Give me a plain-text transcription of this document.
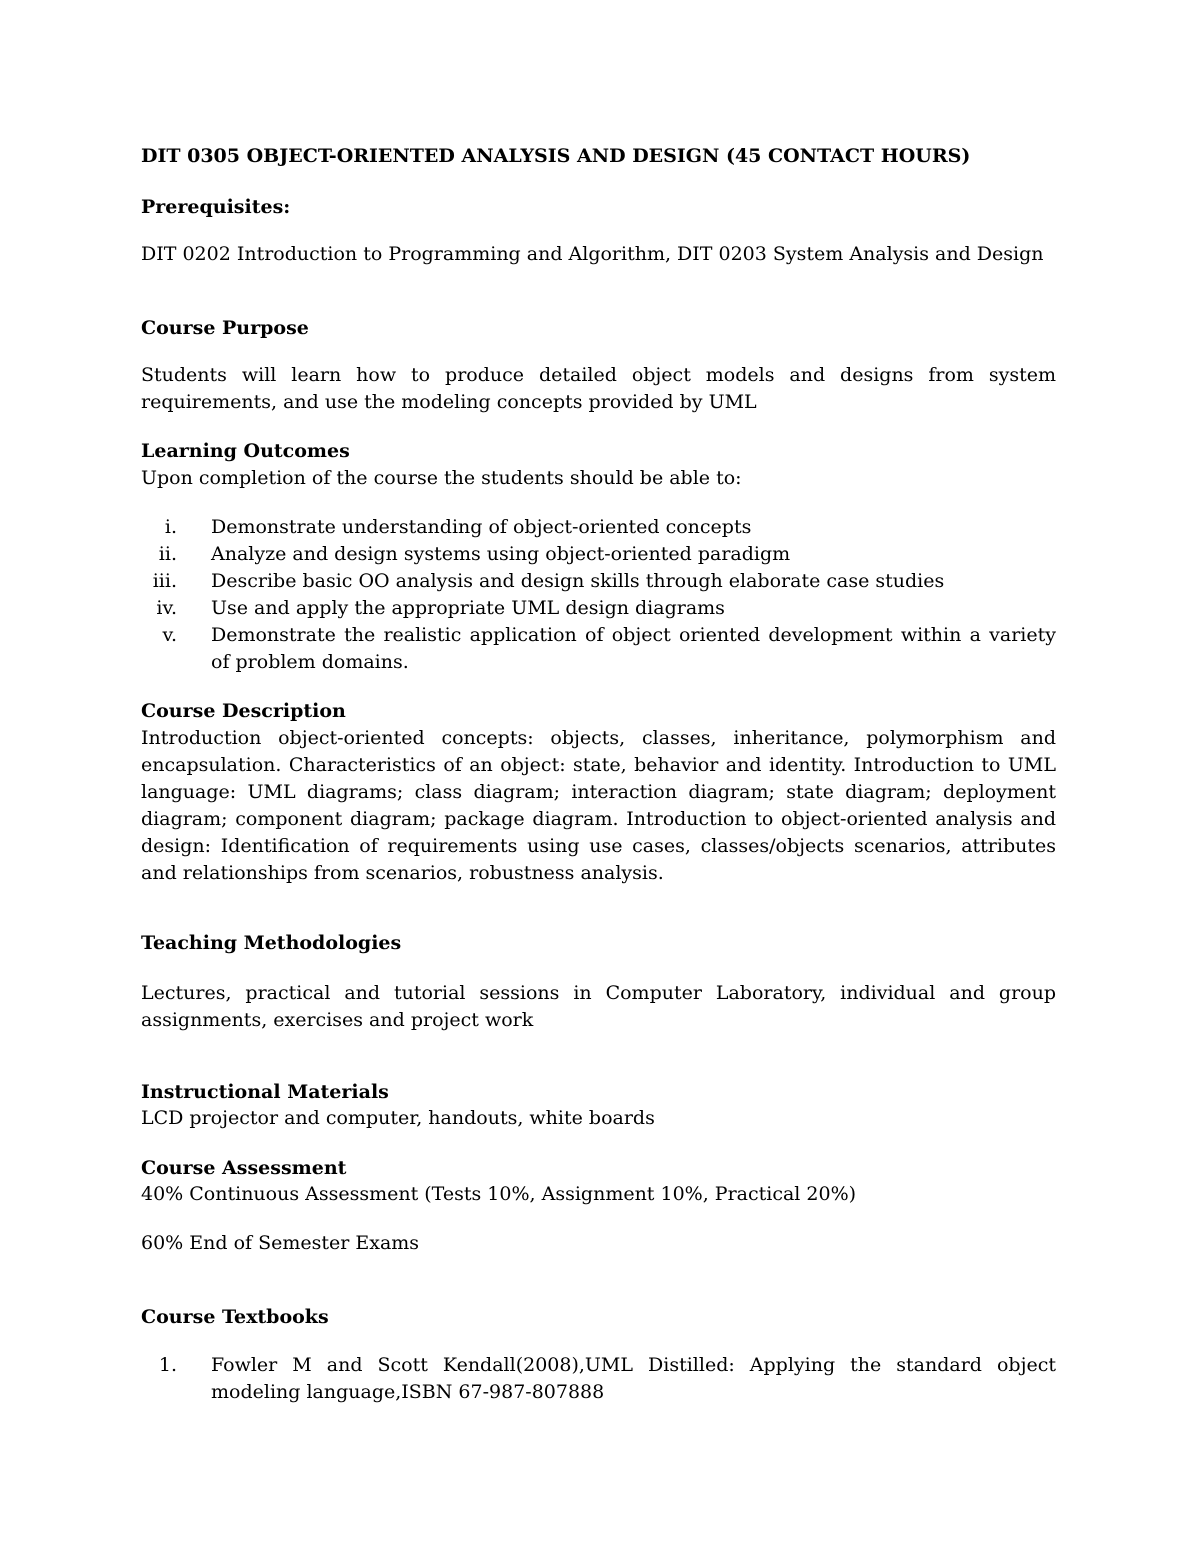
DIT 0305 OBJECT-ORIENTED ANALYSIS AND DESIGN (45 CONTACT HOURS)

Prerequisites:

DIT 0202 Introduction to Programming and Algorithm, DIT 0203 System Analysis and Design

Course Purpose

Students will learn how to produce detailed object models and designs from system
requirements, and use the modeling concepts provided by UML

Learning Outcomes

Upon completion of the course the students should be able to:

i. Demonstrate understanding of object-oriented concepts
ii. Analyze and design systems using object-oriented paradigm
iii. Describe basic OO analysis and design skills through elaborate case studies
iv. Use and apply the appropriate UML design diagrams
v. Demonstrate the realistic application of object oriented development within a variety of problem domains.

Course Description

Introduction object-oriented concepts: objects, classes, inheritance, polymorphism and encapsulation. Characteristics of an object: state, behavior and identity. Introduction to UML language: UML diagrams; class diagram; interaction diagram; state diagram; deployment diagram; component diagram; package diagram. Introduction to object-oriented analysis and design: Identification of requirements using use cases, classes/objects scenarios, attributes and relationships from scenarios, robustness analysis.

Teaching Methodologies

Lectures, practical and tutorial sessions in Computer Laboratory, individual and group assignments, exercises and project work

Instructional Materials

LCD projector and computer, handouts, white boards

Course Assessment

40% Continuous Assessment (Tests 10%, Assignment 10%, Practical 20%)

60% End of Semester Exams

Course Textbooks

1. Fowler M and Scott Kendall(2008),UML Distilled: Applying the standard object modeling language,ISBN 67-987-807888
